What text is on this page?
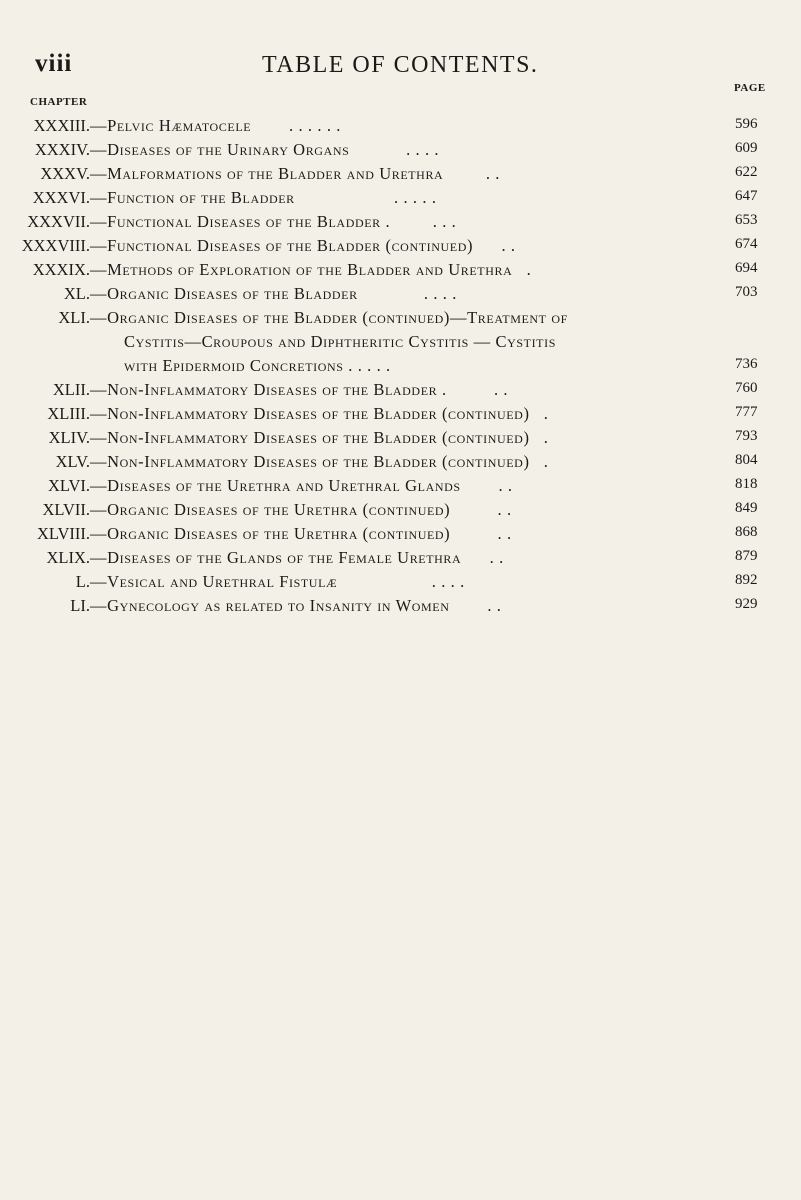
viii	TABLE OF CONTENTS.
CHAPTER
PAGE
XXXIII. —Pelvic Hæmatocele . . . . . .	596
XXXIV. —Diseases of the Urinary Organs	. . . .	609
XXXV. —Malformations of the Bladder and Urethra	. .	622
XXXVI. —Function of the Bladder	. . . . .	647
XXXVII. —Functional Diseases of the Bladder .	. . .	653
XXXVIII. —Functional Diseases of the Bladder (continued) . .	674
XXXIX. —Methods of Exploration of the Bladder and Urethra .	694
XL. —Organic Diseases of the Bladder	. . . .	703
XLI. —Organic Diseases of the Bladder (continued)—Treatment of
Cystitis—Croupous and Diphtheritic Cystitis — Cystitis
with Epidermoid Concretions . . . . .	736
XLII. —Non-Inflammatory Diseases of the Bladder .	. .	760
XLIII. —Non-Inflammatory Diseases of the Bladder (continued) .	777
XLIV. —Non-Inflammatory Diseases of the Bladder (continued) .	793
XLV. —Non-Inflammatory Diseases of the Bladder (continued) .	804
XLVI. —Diseases of the Urethra and Urethral Glands . .	818
XLVII. —Organic Diseases of the Urethra (continued)	. .	849
XLVIII. —Organic Diseases of the Urethra (continued)	. .	868
XLIX. —Diseases of the Glands of the Female Urethra . .	879
L. —Vesical and Urethral Fistulæ	. . . .	892
LI. —Gynecology as related to Insanity in Women . .	929
